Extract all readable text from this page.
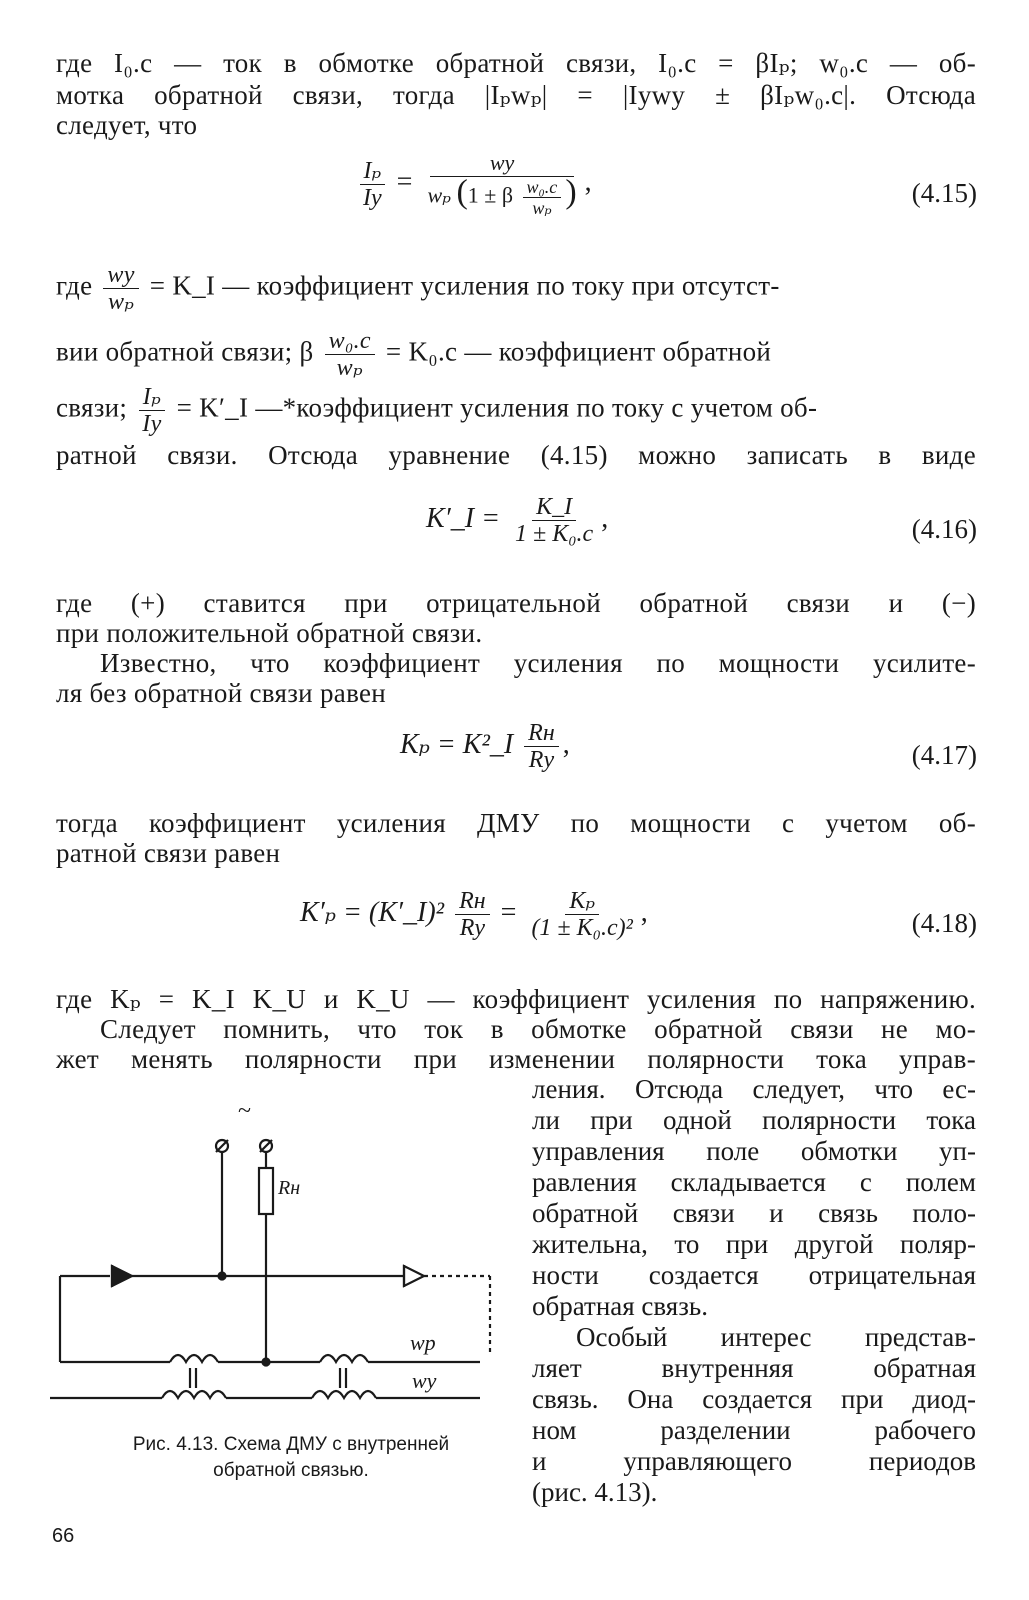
где I₀.c — ток в обмотке обратной связи, I₀.c = βIₚ; w₀.c — об-
мотка обратной связи, тогда |Iₚwₚ| = |Iуwу ± βIₚw₀.c|. Отсюда
следует, что
$\frac{\text{Iₚ}}{Iу} = \frac{wу}{w_p (1 \pm \beta \frac{\text{w₀.c}}{\text{wₚ}} )}$ ,	(4.15)
где $\frac{wу}{\text{wₚ}}$ = K_I — коэффициент усиления по току при отсутст-
вии обратной связи; β $\frac{\text{w₀.c}}{\text{wₚ}} = K_0.c$ — коэффициент обратной
связи; $\frac{\text{Iₚ}}{Iу}$ = K′_I —*коэффициент усиления по току с учетом об-
ратной связи. Отсюда уравнение (4.15) можно записать в виде
K′_I = $\frac{K\_I}{\text{1 ± K₀.c}}$ ,	(4.16)
где (+) ставится при отрицательной обратной связи и (−)
при положительной обратной связи.
Известно, что коэффициент усиления по мощности усилите-
ля без обратной связи равен
Kₚ = K²_I $\frac{Rн}{Rу}$ ,	(4.17)
тогда коэффициент усиления ДМУ по мощности с учетом об-
ратной связи равен
K′ₚ = (K′_I)² $\frac{Rн}{Rу} = \frac{\text{Kₚ}}{\text{(1 ± K₀.c)²}}$ ,	(4.18)
где Kₚ = K_I K_U и K_U — коэффициент усиления по напряжению.
Следует помнить, что ток в обмотке обратной связи не мо-
жет менять полярности при изменении полярности тока управ-
ления. Отсюда следует, что ес-
ли при одной полярности тока
управления поле обмотки уп-
равления складывается с полем
обратной связи и связь поло-
жительна, то при другой поляр-
ности создается отрицательная
обратная связь.
Особый интерес представ-
ляет внутренняя обратная
связь. Она создается при диод-
ном разделении рабочего
и управляющего периодов
(рис. 4.13).
~
Rн
wp
wy
Рис. 4.13. Схема ДМУ с внутренней
обратной связью.
66
